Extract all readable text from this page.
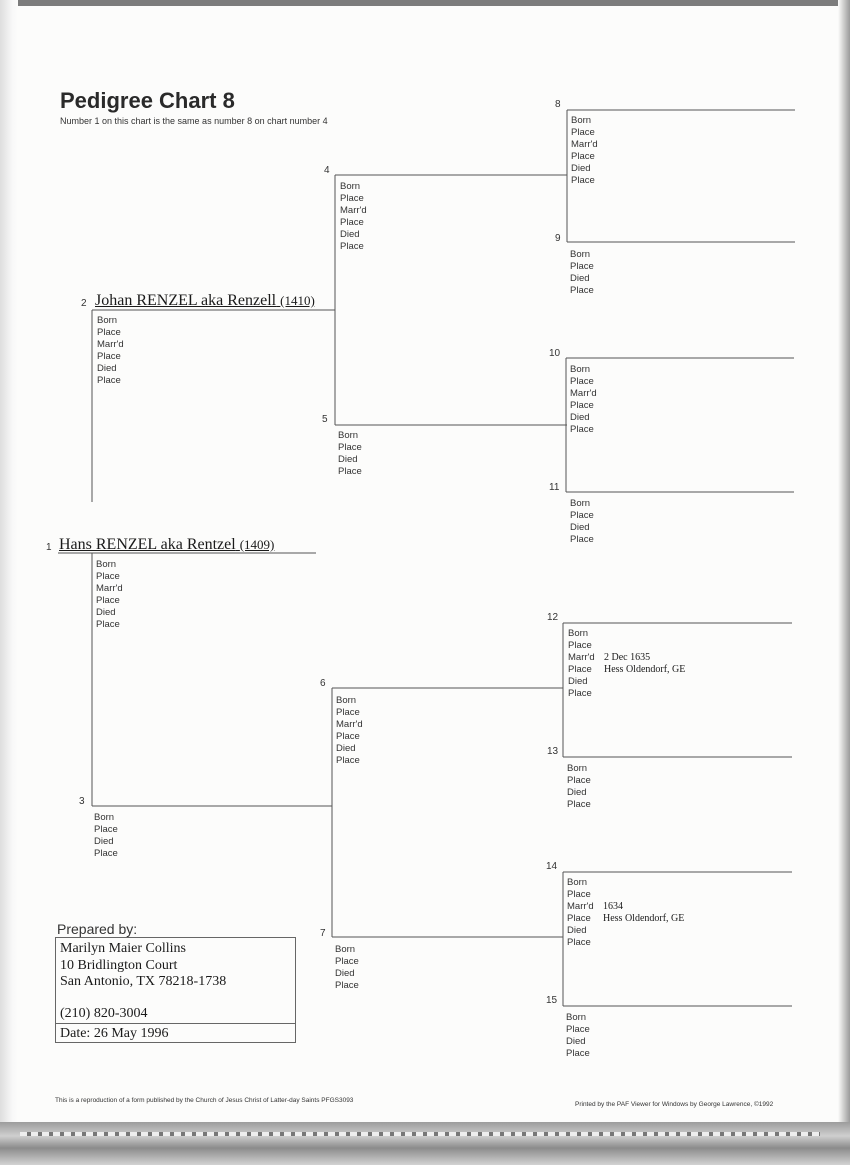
Pedigree Chart 8
Number 1 on this chart is the same as number 8 on chart number 4
1
2
3
4
5
6
7
8
9
10
11
12
13
14
15
Hans RENZEL aka Rentzel (1409)
Johan RENZEL aka Renzell (1410)
Born
Place
Marr'd
Place
Died
Place
Born
Place
Marr'd
Place
Died
Place
Born
Place
Died
Place
Born
Place
Marr'd
Place
Died
Place
Born
Place
Died
Place
Born
Place
Marr'd
Place
Died
Place
Born
Place
Died
Place
Born
Place
Marr'd
Place
Died
Place
Born
Place
Died
Place
Born
Place
Marr'd
Place
Died
Place
Born
Place
Died
Place
Born
Place
Marr'd 2 Dec 1635
Place Hess Oldendorf, GE
Died
Place
Born
Place
Died
Place
Born
Place
Marr'd 1634
Place Hess Oldendorf, GE
Died
Place
Born
Place
Died
Place
Prepared by:
Marilyn Maier Collins
10 Bridlington Court
San Antonio, TX 78218-1738
(210) 820-3004
Date: 26 May 1996
This is a reproduction of a form published by the Church of Jesus Christ of Latter-day Saints PFGS3093
Printed by the PAF Viewer for Windows by George Lawrence, ©1992
